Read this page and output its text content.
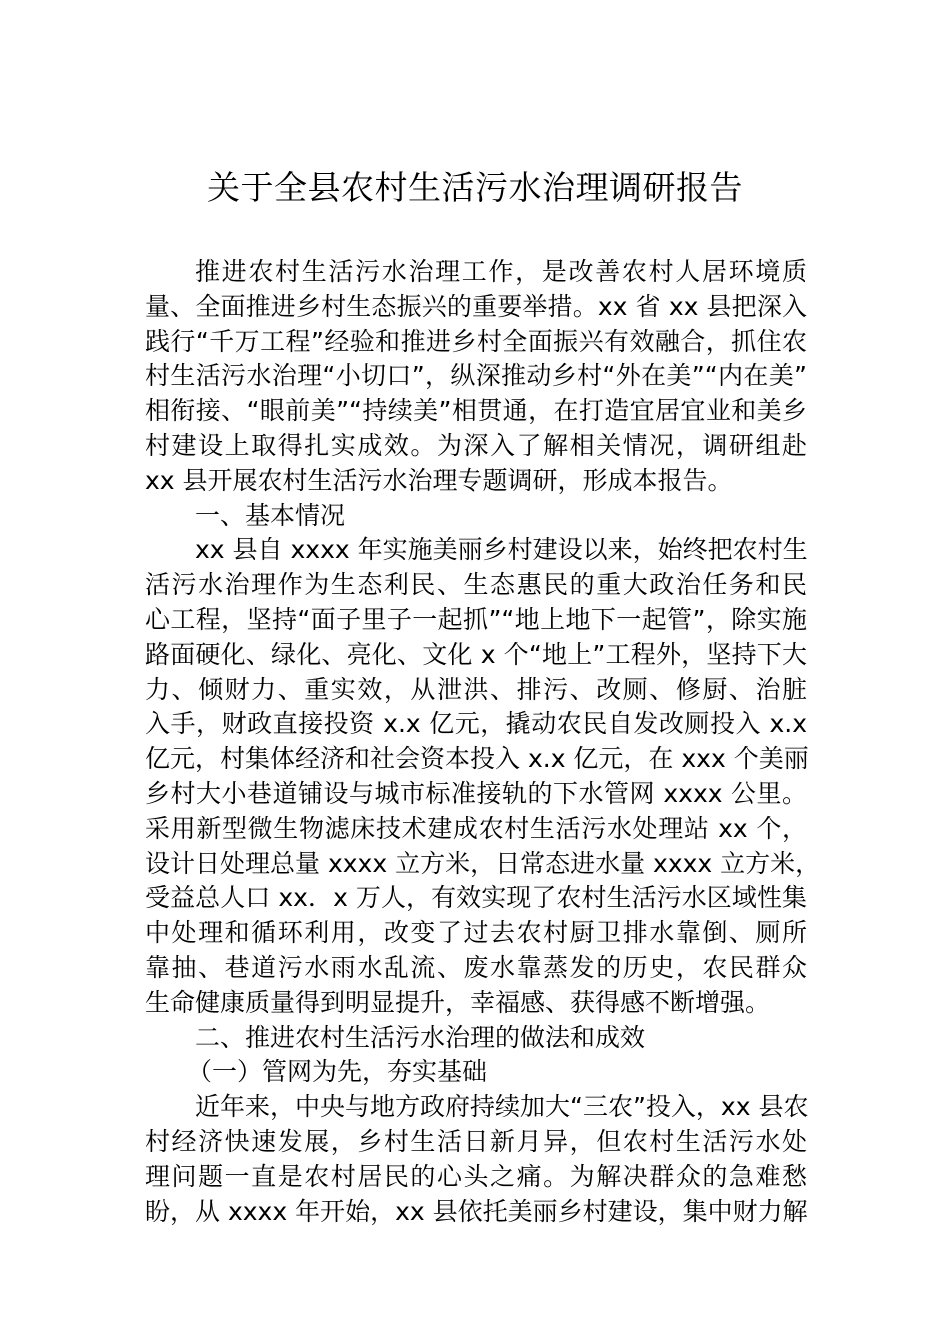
关于全县农村生活污水治理调研报告
推进农村生活污水治理工作，是改善农村人居环境质
量、全面推进乡村生态振兴的重要举措。xx 省 xx 县把深入
践行“千万工程”经验和推进乡村全面振兴有效融合，抓住农
村生活污水治理“小切口”，纵深推动乡村“外在美”“内在美”
相衔接、“眼前美”“持续美”相贯通，在打造宜居宜业和美乡
村建设上取得扎实成效。为深入了解相关情况，调研组赴
xx 县开展农村生活污水治理专题调研，形成本报告。
一、基本情况
xx 县自 xxxx 年实施美丽乡村建设以来，始终把农村生
活污水治理作为生态利民、生态惠民的重大政治任务和民
心工程，坚持“面子里子一起抓”“地上地下一起管”，除实施
路面硬化、绿化、亮化、文化 x 个“地上”工程外，坚持下大
力、倾财力、重实效，从泄洪、排污、改厕、修厨、治脏
入手，财政直接投资 x.x 亿元，撬动农民自发改厕投入 x.x
亿元，村集体经济和社会资本投入 x.x 亿元，在 xxx 个美丽
乡村大小巷道铺设与城市标准接轨的下水管网 xxxx 公里。
采用新型微生物滤床技术建成农村生活污水处理站 xx 个，
设计日处理总量 xxxx 立方米，日常态进水量 xxxx 立方米，
受益总人口 xx．x 万人，有效实现了农村生活污水区域性集
中处理和循环利用，改变了过去农村厨卫排水靠倒、厕所
靠抽、巷道污水雨水乱流、废水靠蒸发的历史，农民群众
生命健康质量得到明显提升，幸福感、获得感不断增强。
二、推进农村生活污水治理的做法和成效
（一）管网为先，夯实基础
近年来，中央与地方政府持续加大“三农”投入，xx 县农
村经济快速发展，乡村生活日新月异，但农村生活污水处
理问题一直是农村居民的心头之痛。为解决群众的急难愁
盼，从 xxxx 年开始，xx 县依托美丽乡村建设，集中财力解
